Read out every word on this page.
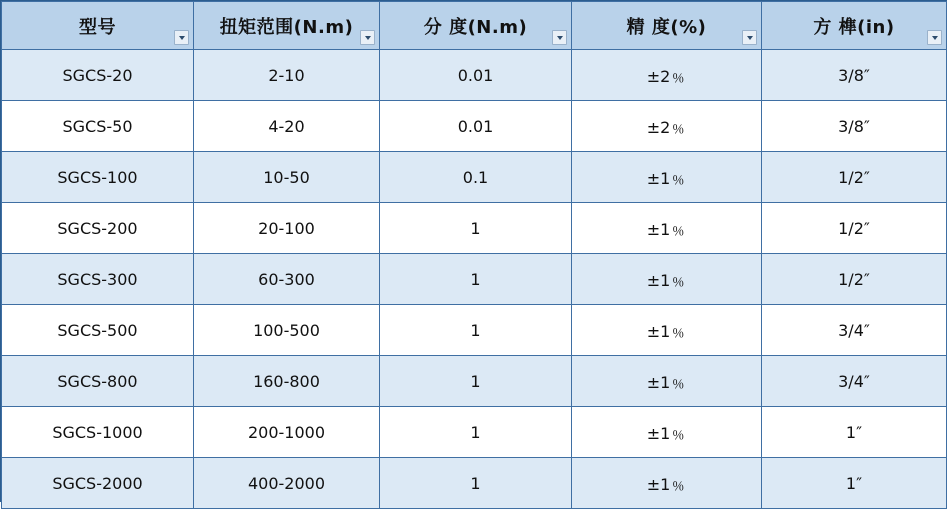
型号	扭矩范围(N.m)	分 度(N.m)	精 度(%)	方 榫(in)

SGCS-20	2-10	0.01	±2﹪	3/8″
SGCS-50	4-20	0.01	±2﹪	3/8″
SGCS-100	10-50	0.1	±1﹪	1/2″
SGCS-200	20-100	1	±1﹪	1/2″
SGCS-300	60-300	1	±1﹪	1/2″
SGCS-500	100-500	1	±1﹪	3/4″
SGCS-800	160-800	1	±1﹪	3/4″
SGCS-1000	200-1000	1	±1﹪	1″
SGCS-2000	400-2000	1	±1﹪	1″
